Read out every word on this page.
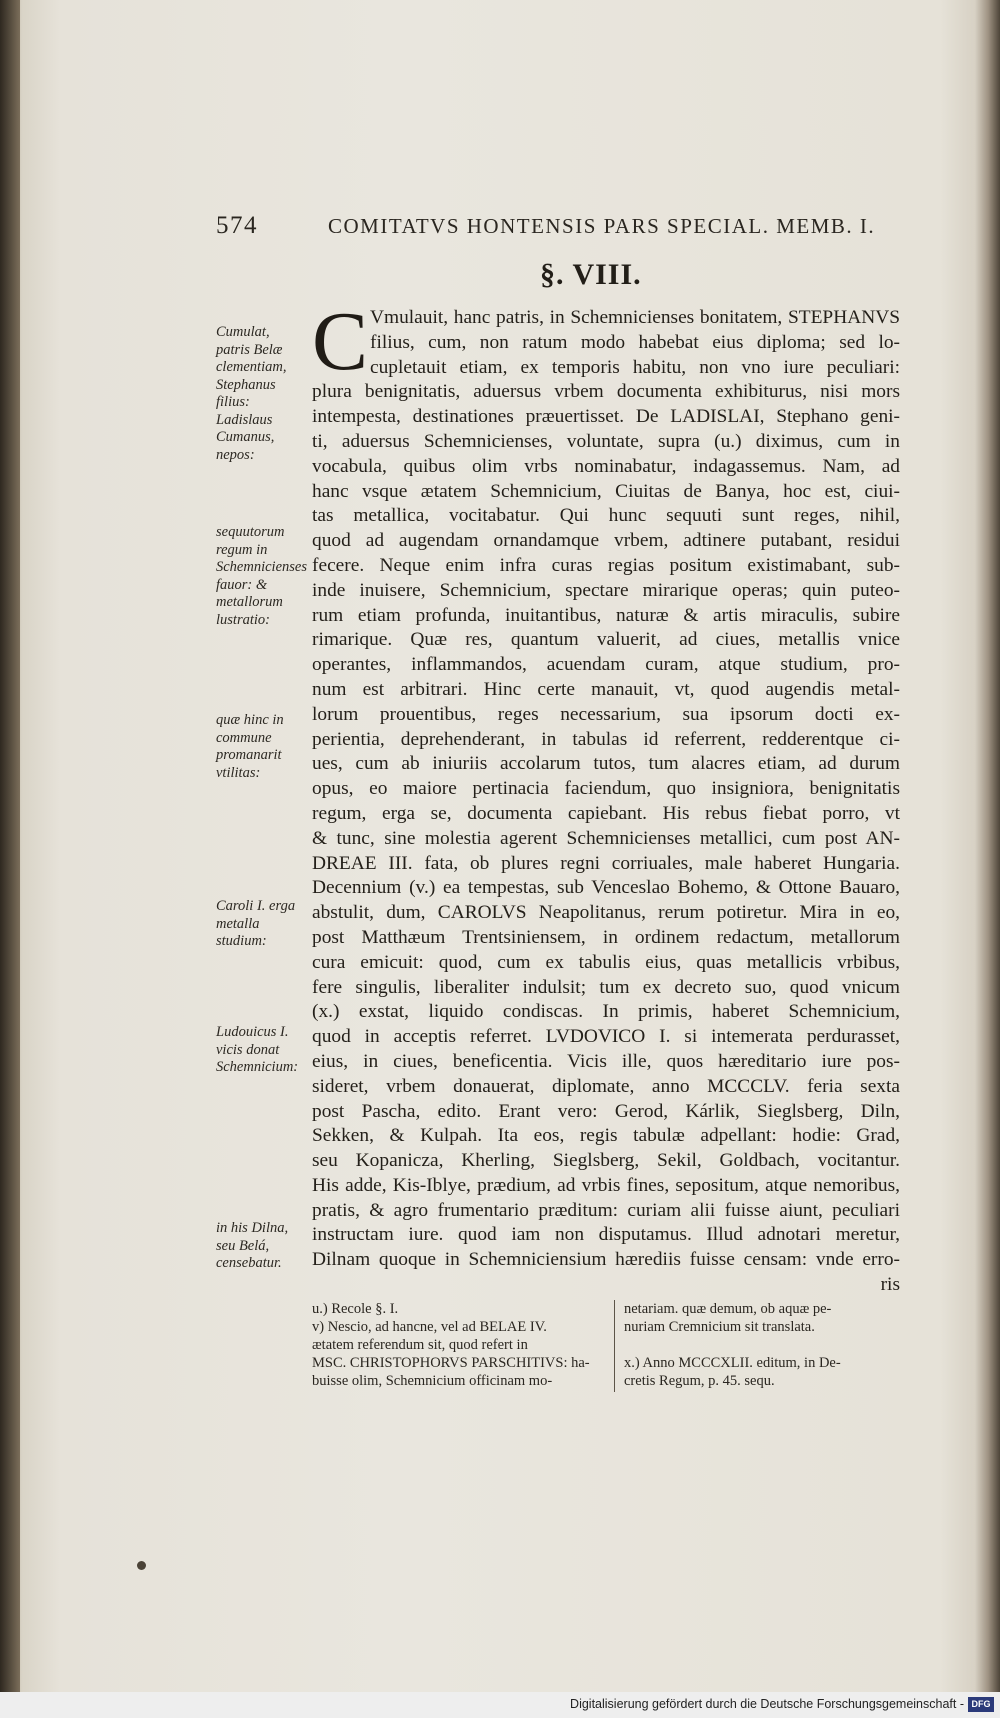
574	COMITATVS HONTENSIS PARS SPECIAL. MEMB. I.
§. VIII.
Cumulat, patris Belæ clementiam, Stephanus filius: Ladislaus Cumanus, nepos:
sequutorum regum in Schemnicienses fauor: & metallorum lustratio:
quæ hinc in commune promanarit vtilitas:
Caroli I. erga metalla studium:
Ludouicus I. vicis donat Schemnicium:
in his Dilna, seu Belá, censebatur.
Vmulauit, hanc patris, in Schemnicienses bonitatem, STEPHANVS
filius, cum, non ratum modo habebat eius diploma; sed lo-
cupletauit etiam, ex temporis habitu, non vno iure peculiari:
plura benignitatis, aduersus vrbem documenta exhibiturus, nisi mors
intempesta, destinationes præuertisset. De LADISLAI, Stephano geni-
ti, aduersus Schemnicienses, voluntate, supra (u.) diximus, cum in
vocabula, quibus olim vrbs nominabatur, indagassemus. Nam, ad
hanc vsque ætatem Schemnicium, Ciuitas de Banya, hoc est, ciui-
tas metallica, vocitabatur. Qui hunc sequuti sunt reges, nihil,
quod ad augendam ornandamque vrbem, adtinere putabant, residui
fecere. Neque enim infra curas regias positum existimabant, sub-
inde inuisere, Schemnicium, spectare mirarique operas; quin puteo-
rum etiam profunda, inuitantibus, naturæ & artis miraculis, subire
rimarique. Quæ res, quantum valuerit, ad ciues, metallis vnice
operantes, inflammandos, acuendam curam, atque studium, pro-
num est arbitrari. Hinc certe manauit, vt, quod augendis metal-
lorum prouentibus, reges necessarium, sua ipsorum docti ex-
perientia, deprehenderant, in tabulas id referrent, redderentque ci-
ues, cum ab iniuriis accolarum tutos, tum alacres etiam, ad durum
opus, eo maiore pertinacia faciendum, quo insigniora, benignitatis
regum, erga se, documenta capiebant. His rebus fiebat porro, vt
& tunc, sine molestia agerent Schemnicienses metallici, cum post AN-
DREAE III. fata, ob plures regni corriuales, male haberet Hungaria.
Decennium (v.) ea tempestas, sub Venceslao Bohemo, & Ottone Bauaro,
abstulit, dum, CAROLVS Neapolitanus, rerum potiretur. Mira in eo,
post Matthæum Trentsiniensem, in ordinem redactum, metallorum
cura emicuit: quod, cum ex tabulis eius, quas metallicis vrbibus,
fere singulis, liberaliter indulsit; tum ex decreto suo, quod vnicum
(x.) exstat, liquido condiscas. In primis, haberet Schemnicium,
quod in acceptis referret. LVDOVICO I. si intemerata perdurasset,
eius, in ciues, beneficentia. Vicis ille, quos hæreditario iure pos-
sideret, vrbem donauerat, diplomate, anno MCCCLV. feria sexta
post Pascha, edito. Erant vero: Gerod, Kárlik, Sieglsberg, Diln,
Sekken, & Kulpah. Ita eos, regis tabulæ adpellant: hodie: Grad,
seu Kopanicza, Kherling, Sieglsberg, Sekil, Goldbach, vocitantur.
His adde, Kis-Iblye, prædium, ad vrbis fines, sepositum, atque nemoribus,
pratis, & agro frumentario præditum: curiam alii fuisse aiunt, peculiari
instructam iure. quod iam non disputamus. Illud adnotari meretur,
Dilnam quoque in Schemniciensium hærediis fuisse censam: vnde erro-
ris
u.) Recole §. I.
v) Nescio, ad hancne, vel ad BELAE IV.
ætatem referendum sit, quod refert in
MSC. CHRISTOPHORVS PARSCHITIVS: ha-
buisse olim, Schemnicium officinam mo-
netariam. quæ demum, ob aquæ pe-
nuriam Cremnicium sit translata.

x.) Anno MCCCXLII. editum, in De-
cretis Regum, p. 45. sequ.
C
Digitalisierung gefördert durch die Deutsche Forschungsgemeinschaft - DFG
